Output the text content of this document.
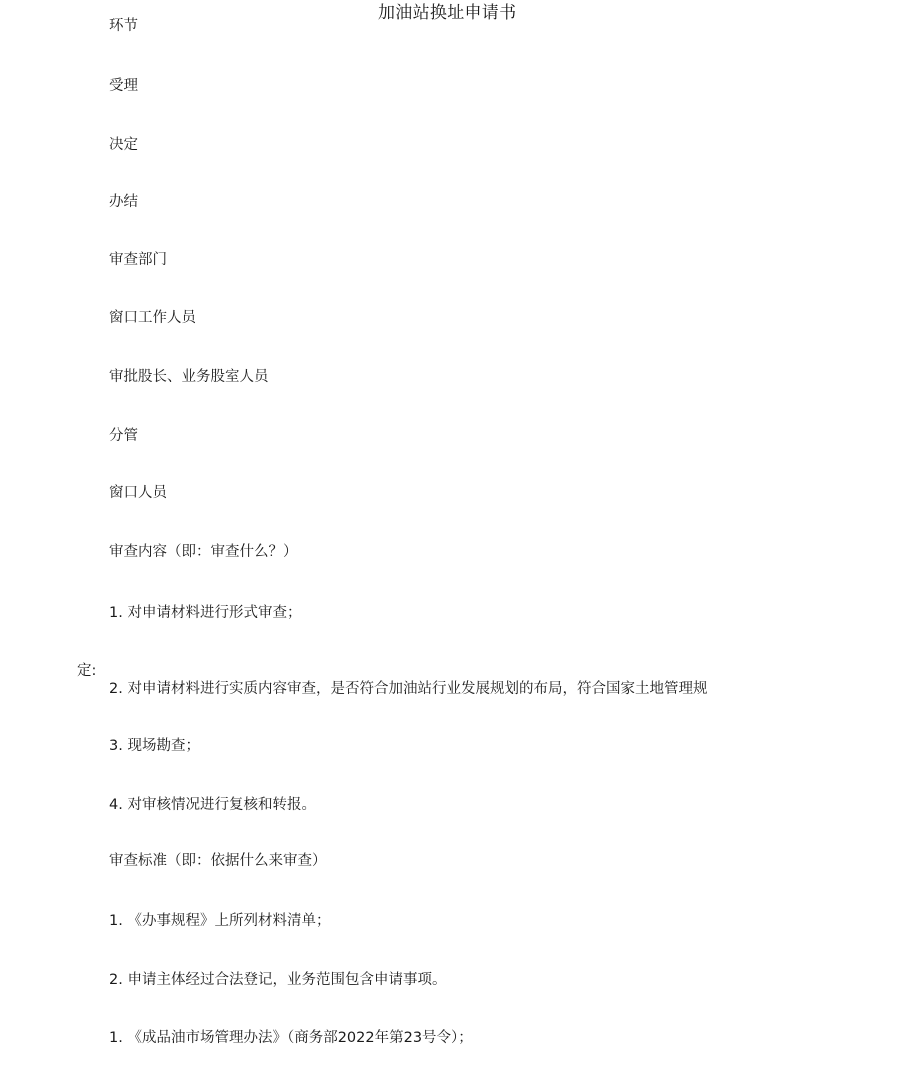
加油站换址申请书
环节
受理
决定
办结
审查部门
窗口工作人员
审批股长、业务股室人员
分管
窗口人员
审查内容（即：审查什么？）
1. 对申请材料进行形式审查；
定:
2. 对申请材料进行实质内容审查，是否符合加油站行业发展规划的布局，符合国家土地管理规
3. 现场勘查；
4. 对审核情况进行复核和转报。
审查标准（即：依据什么来审查）
1. 《办事规程》上所列材料清单；
2. 申请主体经过合法登记，业务范围包含申请事项。
1. 《成品油市场管理办法》（商务部2022年第23号令）；
